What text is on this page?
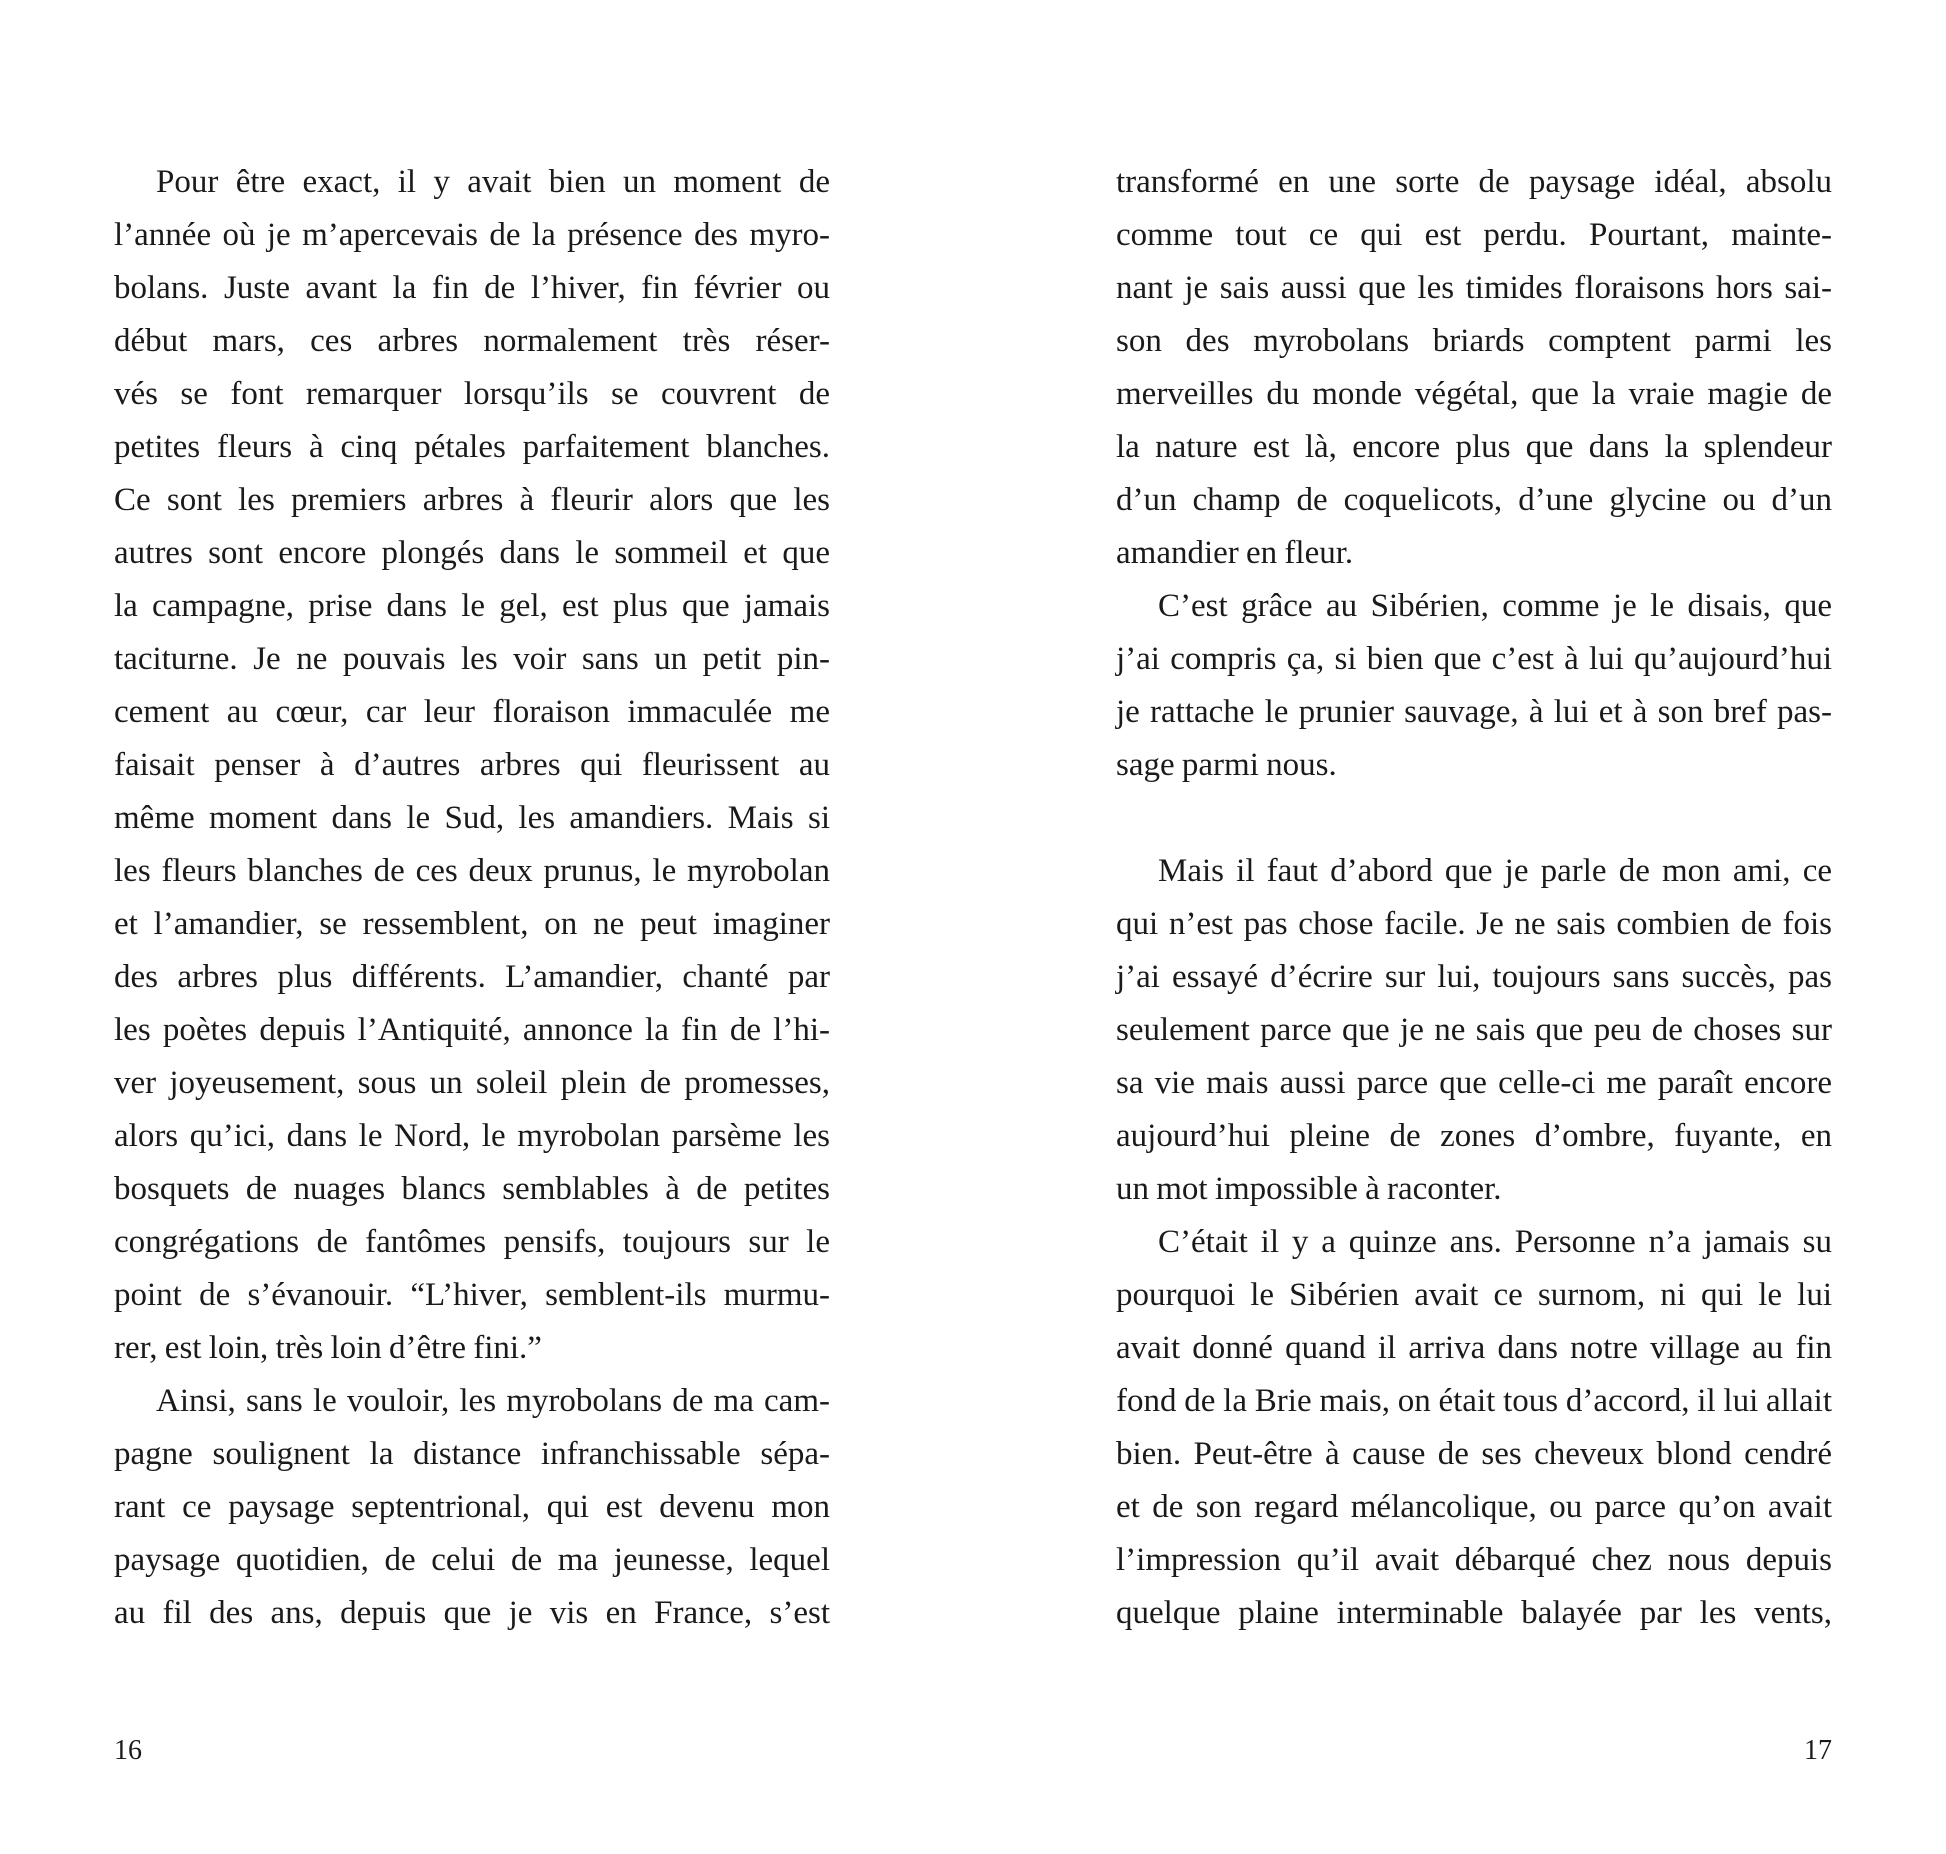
Pour être exact, il y avait bien un moment de
l’année où je m’apercevais de la présence des myro-
bolans. Juste avant la fin de l’hiver, fin février ou
début mars, ces arbres normalement très réser-
vés se font remarquer lorsqu’ils se couvrent de
petites fleurs à cinq pétales parfaitement blanches.
Ce sont les premiers arbres à fleurir alors que les
autres sont encore plongés dans le sommeil et que
la campagne, prise dans le gel, est plus que jamais
taciturne. Je ne pouvais les voir sans un petit pin-
cement au cœur, car leur floraison immaculée me
faisait penser à d’autres arbres qui fleurissent au
même moment dans le Sud, les amandiers. Mais si
les fleurs blanches de ces deux prunus, le myrobolan
et l’amandier, se ressemblent, on ne peut imaginer
des arbres plus différents. L’amandier, chanté par
les poètes depuis l’Antiquité, annonce la fin de l’hi-
ver joyeusement, sous un soleil plein de promesses,
alors qu’ici, dans le Nord, le myrobolan parsème les
bosquets de nuages blancs semblables à de petites
congrégations de fantômes pensifs, toujours sur le
point de s’évanouir. “L’hiver, semblent-ils murmu-
rer, est loin, très loin d’être fini.”
Ainsi, sans le vouloir, les myrobolans de ma cam-
pagne soulignent la distance infranchissable sépa-
rant ce paysage septentrional, qui est devenu mon
paysage quotidien, de celui de ma jeunesse, lequel
au fil des ans, depuis que je vis en France, s’est
16
transformé en une sorte de paysage idéal, absolu
comme tout ce qui est perdu. Pourtant, mainte-
nant je sais aussi que les timides floraisons hors sai-
son des myrobolans briards comptent parmi les
merveilles du monde végétal, que la vraie magie de
la nature est là, encore plus que dans la splendeur
d’un champ de coquelicots, d’une glycine ou d’un
amandier en fleur.
C’est grâce au Sibérien, comme je le disais, que
j’ai compris ça, si bien que c’est à lui qu’aujourd’hui
je rattache le prunier sauvage, à lui et à son bref pas-
sage parmi nous.
Mais il faut d’abord que je parle de mon ami, ce
qui n’est pas chose facile. Je ne sais combien de fois
j’ai essayé d’écrire sur lui, toujours sans succès, pas
seulement parce que je ne sais que peu de choses sur
sa vie mais aussi parce que celle-ci me paraît encore
aujourd’hui pleine de zones d’ombre, fuyante, en
un mot impossible à raconter.
C’était il y a quinze ans. Personne n’a jamais su
pourquoi le Sibérien avait ce surnom, ni qui le lui
avait donné quand il arriva dans notre village au fin
fond de la Brie mais, on était tous d’accord, il lui allait
bien. Peut-être à cause de ses cheveux blond cendré
et de son regard mélancolique, ou parce qu’on avait
l’impression qu’il avait débarqué chez nous depuis
quelque plaine interminable balayée par les vents,
17
